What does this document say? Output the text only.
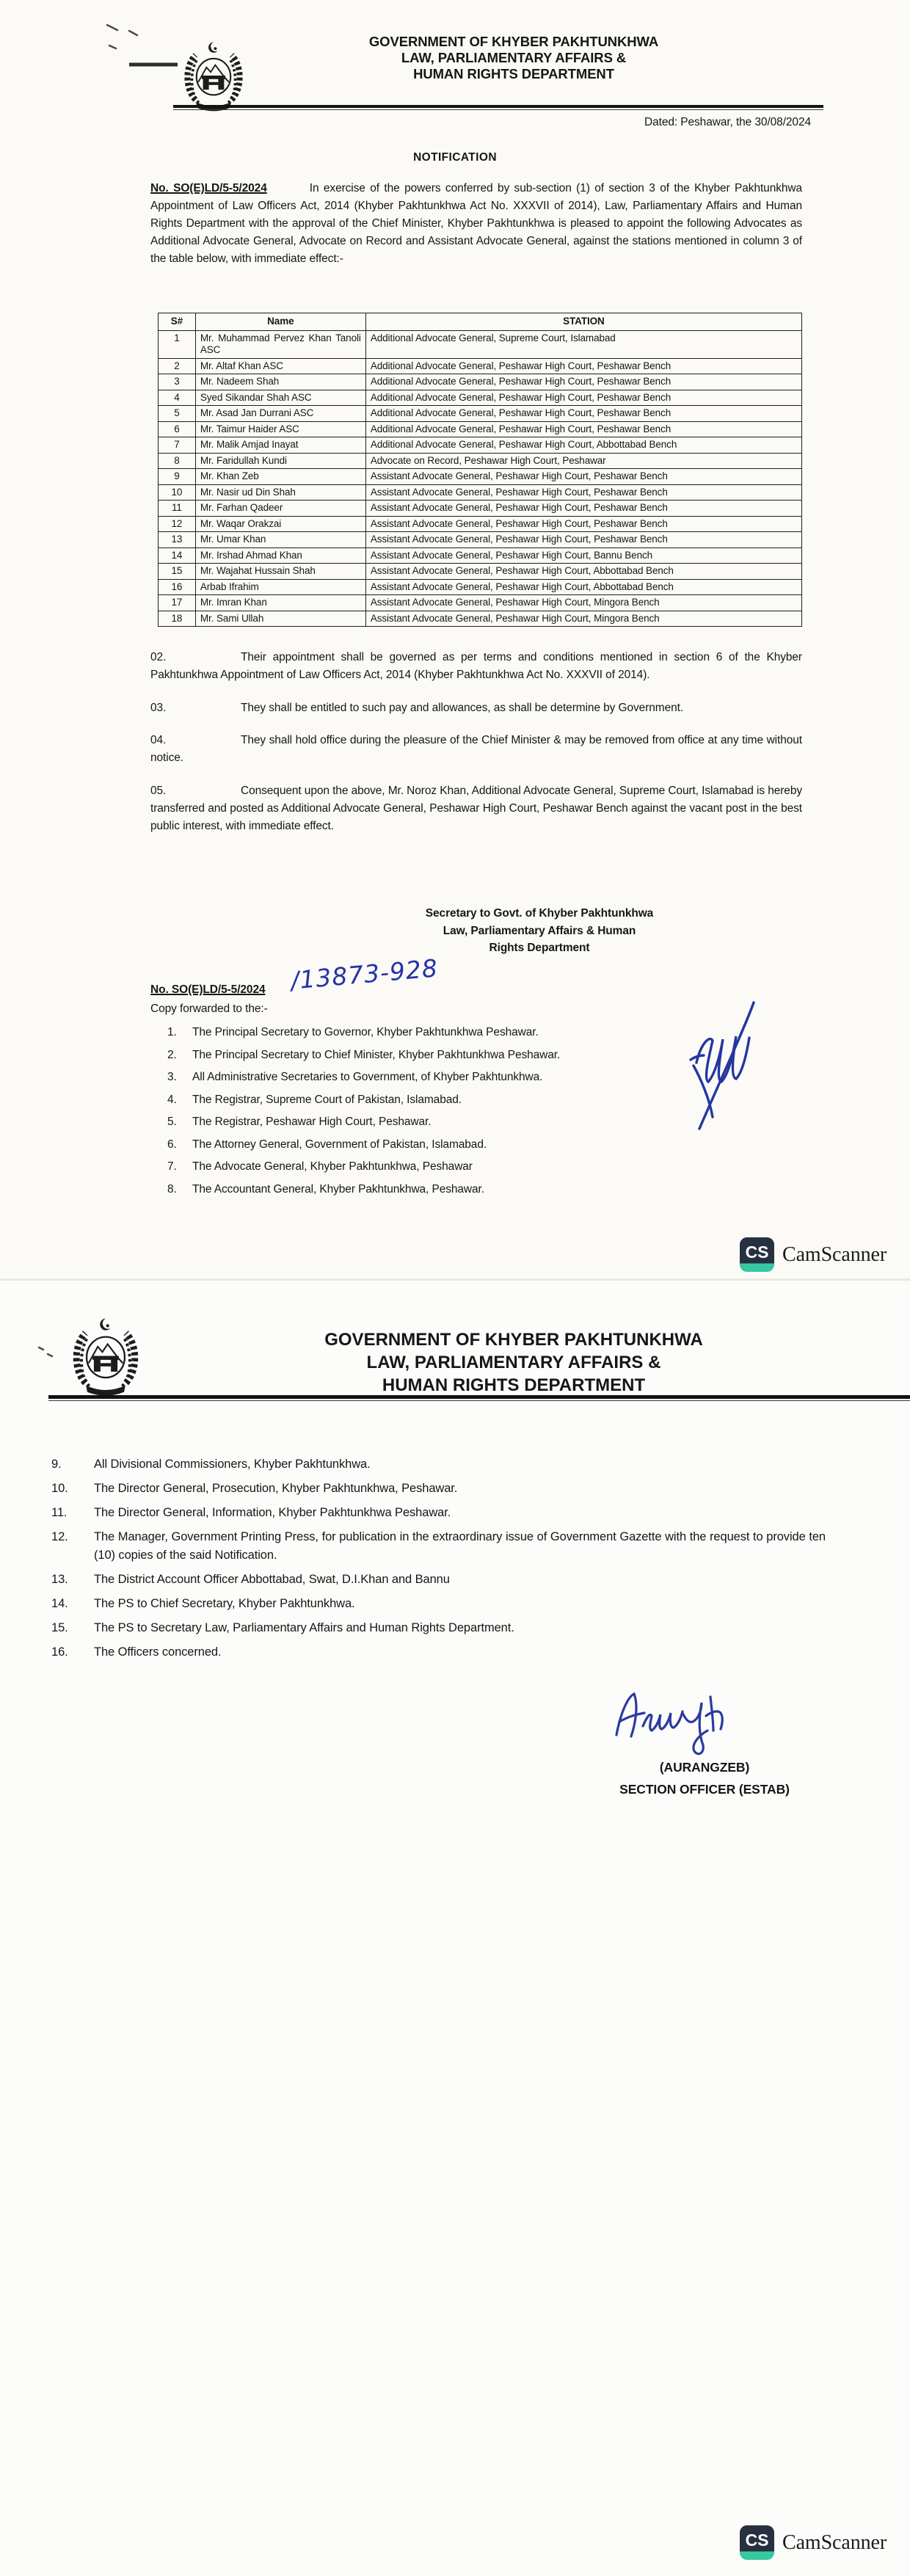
GOVERNMENT OF KHYBER PAKHTUNKHWA
LAW, PARLIAMENTARY AFFAIRS &
HUMAN RIGHTS DEPARTMENT
Dated: Peshawar, the 30/08/2024
NOTIFICATION
No. SO(E)LD/5-5/2024	In exercise of the powers conferred by sub-section (1) of section 3 of the Khyber Pakhtunkhwa Appointment of Law Officers Act, 2014 (Khyber Pakhtunkhwa Act No. XXXVII of 2014), Law, Parliamentary Affairs and Human Rights Department with the approval of the Chief Minister, Khyber Pakhtunkhwa is pleased to appoint the following Advocates as Additional Advocate General, Advocate on Record and Assistant Advocate General, against the stations mentioned in column 3 of the table below, with immediate effect:-
S#	Name	STATION
1	Mr. Muhammad Pervez Khan Tanoli ASC	Additional Advocate General, Supreme Court, Islamabad
2	Mr. Altaf Khan ASC	Additional Advocate General, Peshawar High Court, Peshawar Bench
3	Mr. Nadeem Shah	Additional Advocate General, Peshawar High Court, Peshawar Bench
4	Syed Sikandar Shah ASC	Additional Advocate General, Peshawar High Court, Peshawar Bench
5	Mr. Asad Jan Durrani ASC	Additional Advocate General, Peshawar High Court, Peshawar Bench
6	Mr. Taimur Haider ASC	Additional Advocate General, Peshawar High Court, Peshawar Bench
7	Mr. Malik Amjad Inayat	Additional Advocate General, Peshawar High Court, Abbottabad Bench
8	Mr. Faridullah Kundi	Advocate on Record, Peshawar High Court, Peshawar
9	Mr. Khan Zeb	Assistant Advocate General, Peshawar High Court, Peshawar Bench
10	Mr. Nasir ud Din Shah	Assistant Advocate General, Peshawar High Court, Peshawar Bench
11	Mr. Farhan Qadeer	Assistant Advocate General, Peshawar High Court, Peshawar Bench
12	Mr. Waqar Orakzai	Assistant Advocate General, Peshawar High Court, Peshawar Bench
13	Mr. Umar Khan	Assistant Advocate General, Peshawar High Court, Peshawar Bench
14	Mr. Irshad Ahmad Khan	Assistant Advocate General, Peshawar High Court, Bannu Bench
15	Mr. Wajahat Hussain Shah	Assistant Advocate General, Peshawar High Court, Abbottabad Bench
16	Arbab Ifrahim	Assistant Advocate General, Peshawar High Court, Abbottabad Bench
17	Mr. Imran Khan	Assistant Advocate General, Peshawar High Court, Mingora Bench
18	Mr. Sami Ullah	Assistant Advocate General, Peshawar High Court, Mingora Bench

02.	Their appointment shall be governed as per terms and conditions mentioned in section 6 of the Khyber Pakhtunkhwa Appointment of Law Officers Act, 2014 (Khyber Pakhtunkhwa Act No. XXXVII of 2014).

03.	They shall be entitled to such pay and allowances, as shall be determine by Government.

04.	They shall hold office during the pleasure of the Chief Minister & may be removed from office at any time without notice.

05.	Consequent upon the above, Mr. Noroz Khan, Additional Advocate General, Supreme Court, Islamabad is hereby transferred and posted as Additional Advocate General, Peshawar High Court, Peshawar Bench against the vacant post in the best public interest, with immediate effect.

Secretary to Govt. of Khyber Pakhtunkhwa
Law, Parliamentary Affairs & Human
Rights Department
No. SO(E)LD/5-5/2024 /13873-928
Copy forwarded to the:-
1.	The Principal Secretary to Governor, Khyber Pakhtunkhwa Peshawar.
2.	The Principal Secretary to Chief Minister, Khyber Pakhtunkhwa Peshawar.
3.	All Administrative Secretaries to Government, of Khyber Pakhtunkhwa.
4.	The Registrar, Supreme Court of Pakistan, Islamabad.
5.	The Registrar, Peshawar High Court, Peshawar.
6.	The Attorney General, Government of Pakistan, Islamabad.
7.	The Advocate General, Khyber Pakhtunkhwa, Peshawar
8.	The Accountant General, Khyber Pakhtunkhwa, Peshawar.
CS CamScanner
GOVERNMENT OF KHYBER PAKHTUNKHWA
LAW, PARLIAMENTARY AFFAIRS &
HUMAN RIGHTS DEPARTMENT
9.	All Divisional Commissioners, Khyber Pakhtunkhwa.
10.	The Director General, Prosecution, Khyber Pakhtunkhwa, Peshawar.
11.	The Director General, Information, Khyber Pakhtunkhwa Peshawar.
12.	The Manager, Government Printing Press, for publication in the extraordinary issue of Government Gazette with the request to provide ten (10) copies of the said Notification.
13.	The District Account Officer Abbottabad, Swat, D.I.Khan and Bannu
14.	The PS to Chief Secretary, Khyber Pakhtunkhwa.
15.	The PS to Secretary Law, Parliamentary Affairs and Human Rights Department.
16.	The Officers concerned.
(AURANGZEB)
SECTION OFFICER (ESTAB)
CS CamScanner
